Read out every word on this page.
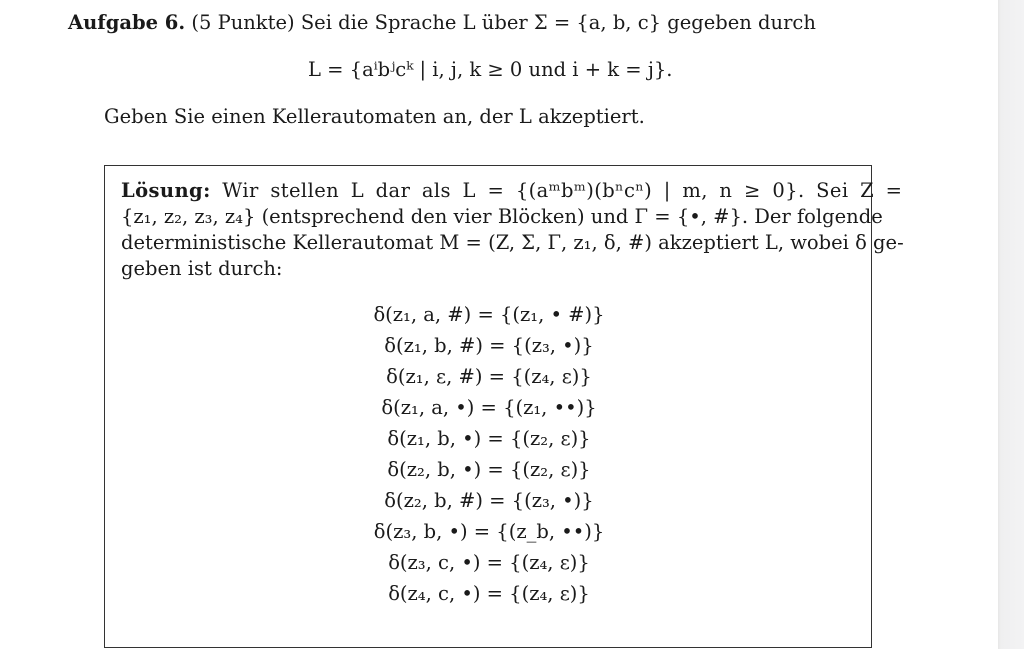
Aufgabe 6. (5 Punkte) Sei die Sprache L über Σ = {a, b, c} gegeben durch
L = {aⁱbʲcᵏ | i, j, k ≥ 0 und i + k = j}.
Geben Sie einen Kellerautomaten an, der L akzeptiert.
Lösung: Wir stellen L dar als L = {(aᵐbᵐ)(bⁿcⁿ) | m, n ≥ 0}. Sei Z =
{z₁, z₂, z₃, z₄} (entsprechend den vier Blöcken) und Γ = {•, #}. Der folgende
deterministische Kellerautomat M = (Z, Σ, Γ, z₁, δ, #) akzeptiert L, wobei δ ge-
geben ist durch:
δ(z₁, a, #) = {(z₁, • #)}
δ(z₁, b, #) = {(z₃, •)}
δ(z₁, ε, #) = {(z₄, ε)}
δ(z₁, a, •) = {(z₁, ••)}
δ(z₁, b, •) = {(z₂, ε)}
δ(z₂, b, •) = {(z₂, ε)}
δ(z₂, b, #) = {(z₃, •)}
δ(z₃, b, •) = {(z_b, ••)}
δ(z₃, c, •) = {(z₄, ε)}
δ(z₄, c, •) = {(z₄, ε)}
